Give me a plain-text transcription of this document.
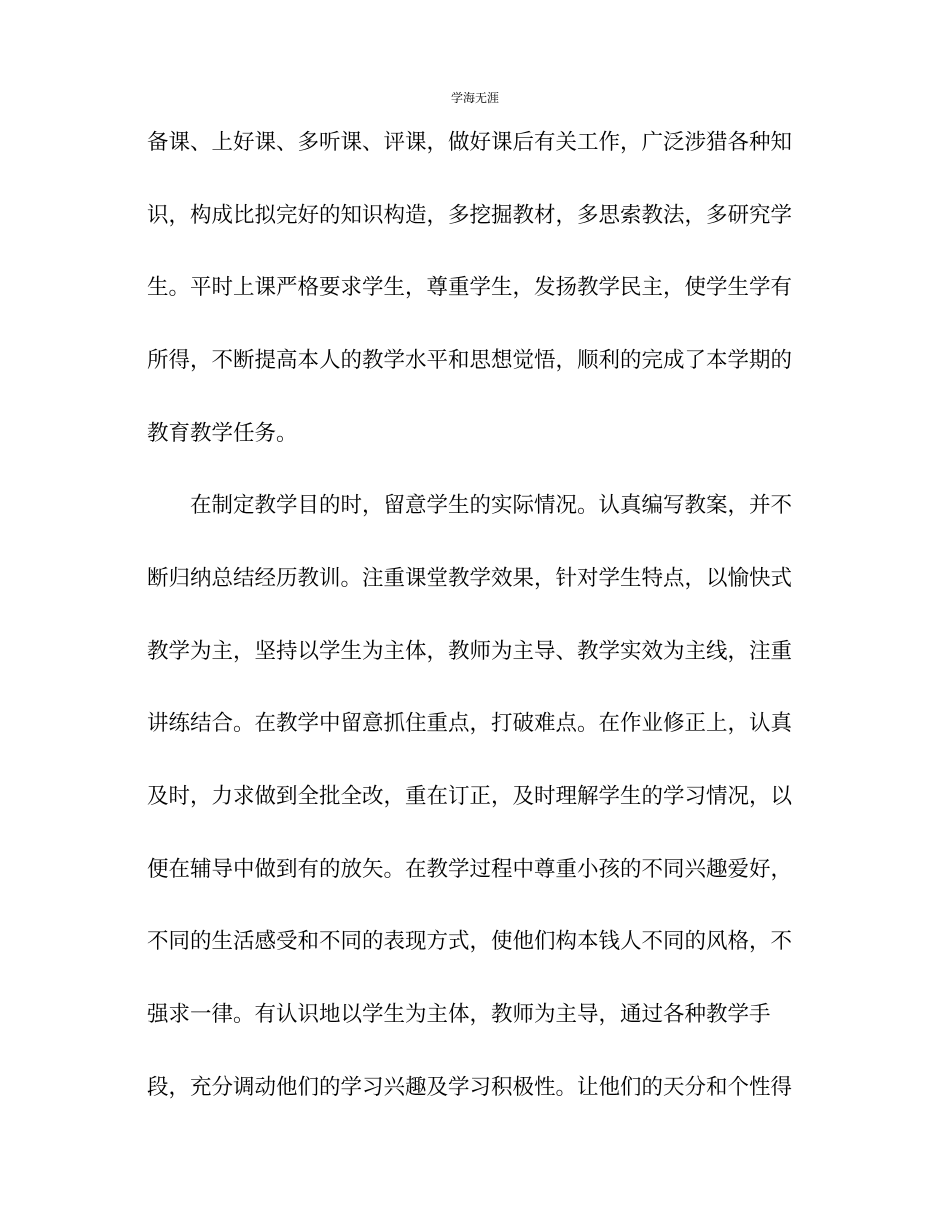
学海无涯
备课、上好课、多听课、评课，做好课后有关工作，广泛涉猎各种知
识，构成比拟完好的知识构造，多挖掘教材，多思索教法，多研究学
生。平时上课严格要求学生，尊重学生，发扬教学民主，使学生学有
所得，不断提高本人的教学水平和思想觉悟，顺利的完成了本学期的
教育教学任务。
在制定教学目的时，留意学生的实际情况。认真编写教案，并不
断归纳总结经历教训。注重课堂教学效果，针对学生特点，以愉快式
教学为主，坚持以学生为主体，教师为主导、教学实效为主线，注重
讲练结合。在教学中留意抓住重点，打破难点。在作业修正上，认真
及时，力求做到全批全改，重在订正，及时理解学生的学习情况，以
便在辅导中做到有的放矢。在教学过程中尊重小孩的不同兴趣爱好，
不同的生活感受和不同的表现方式，使他们构本钱人不同的风格，不
强求一律。有认识地以学生为主体，教师为主导，通过各种教学手
段，充分调动他们的学习兴趣及学习积极性。让他们的天分和个性得
